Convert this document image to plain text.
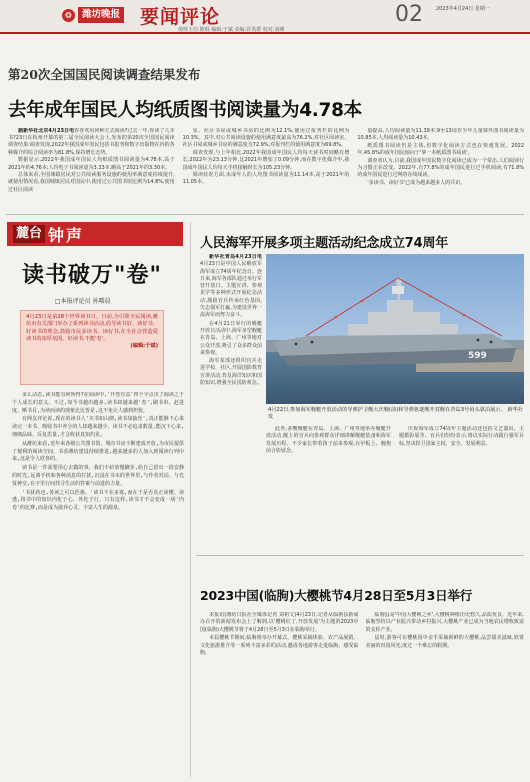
❂	潍坊晚报 要闻评论	02
值班主任:陈琨 编辑:于斌 美编:许英群 校对:刘峰
2023年4月24日 星期一
第20次全国国民阅读调查结果发布
去年成年国民人均纸质图书阅读量为4.78本

据新华社北京4月23日电你喜欢用何种方式阅读?过去一年,你读了几本书?23日在杭州开幕的第二届全民阅读大会上,发布的第20次全国国民阅读调查结果:调查发现,2022年我国成年国民包括书报刊和数字出版物在内的各种媒介的综合阅读率为81.8%,保持增长态势。

数据显示,2022年我国成年国民人均纸质图书阅读量为4.78本,高于2021年的4.76本;人均电子书阅读量为3.33本,略高于2021年的3.30本。

总体来看,全国城镇居民对公共阅读服务设施的使用率满意度持续提升,就使用情况看,我国城镇居民对国民中,使用过公共图书馆比例为14.8%,使用过社区阅读

室、社区书屋或城乡书房的比例为12.1%;使用过报刊栏的比例为10.3%。其中,对公共阅读设施的使用满意度最高为76.2%,对社区阅读室、社区书屋或城乡书房的满意度为72.9%,对报刊栏的使用满意度为69.8%。

调查发现,与上年相比,2022年我国成年国民人均每天读书时间略有增长,2022年为23.13分钟,比2021年增加了0.09分钟,而在数字化媒介中,我国成年国民人均每天手机接触时长为105.23分钟。

阅读状况方面,未成年人的人均图书阅读量为11.14本,高于2021年的11.05本。

量提高,人均阅读量为11.39本;9至13周岁少年儿童课外图书阅读量为10.85本,人均阅读量为10.43本。

纸质图书阅读仍是主体,但数字化阅读方式也在快速发展。2022年,45.8%的成年国民倾向于'拿一本纸质图书阅读'。

调查者认为,目前,我国成年国民数字化阅读已成为一个常态,人们阅读行为习惯正在改变。2022年,有77.8%的成年国民进行过手机阅读;有71.8%的成年国民进行过网络在线阅读。

'多读书、读好书'已成为越来越多人的共识。

麓台 钟声
读书破万"卷"
□本报评论员 孙曙晨
4月23日是第28个世界读书日。日前,为引领全民阅读,潍坊市有关部门举办了系列读书活动,倡导读书好、读好书、好读书的理念,鼓励市民多读书、读好书,在全社会营造爱读书的浓厚氛围。好读书,不能'卷'。
(编辑:于斌)

多么动态,读书能有何所得?在阅读中,'开卷有益'四个字点出了阅读之于个人成长的意义。不过,如今书越出越多,读书却越来越'卷',刷书单、赶进度、晒书目,为读而读的现象比比皆是,这不免让人感到担忧。

有网友评论说,现在的读书人'买书如山倒,读书如抽丝',真正能静下心来读完一本书、吸收书中养分的人却越来越少。读书不必追求数量,能沉下心来,细细品味、反复思量,才会收获真知灼见。

从潍坊来看,近年来各级公共图书馆、城市书房不断建成开放,为市民提供了便利的阅读空间。书香潍坊建设持续推进,越来越多的人加入到阅读行列中来,这是令人欣喜的。

读书是一件需要用心去做的事。我们不妨放慢脚步,给自己留出一段安静的时光,远离手机和各种消息的打扰,沉浸在书本的世界里,与作者对话、与先贤神交,在字里行间找寻生活的答案与前进的力量。

'书犹药也,善读之可以医愚。'读书不在多寡,而在于是否真正读懂、读透,将书中的知识内化于心、外化于行。只有这样,读书才不会变成一场'内卷'的比赛,而是成为滋养心灵、丰富人生的源泉。

人民海军开展多项主题活动纪念成立74周年

新华社青岛4月23日电4月23日是中国人民解放军海军成立74周年纪念日。连日来,海军各部队通过举行军营开放日、主题宣讲、参观见学等多种形式开展纪念活动,激励官兵传承红色基因,矢志强军打赢,为建设世界一流海军而努力奋斗。

在4月21日举行的舰艇开放日活动中,海军多型舰艇在青岛、上海、广州等地对公众开放,吸引了众多群众前来参观。

海军某部还组织官兵走进学校、社区,开展国防教育宣讲活动,普及海洋知识和国防知识,增强全民国防观念。

599
4月22日,参加海军舰艇开放活动的导弹护卫舰大庆舰(前)和导弹驱逐舰开封舰在青岛3号码头靠泊展示。 新华社发

此外,多艘舰艇在青岛、上海、广州等地举办舰艇开放活动,舰上的官兵向参观群众详细讲解舰艇装备和海军发展历程。不少家长带着孩子前来参观,在甲板上、舰炮前合影留念。

庆祝海军成立74周年主题活动还包括文艺演出、主题摄影展等。官兵们纷纷表示,将以实际行动践行强军目标,坚决捍卫国家主权、安全、发展利益。

2023中国(临朐)大樱桃节4月28日至5月3日举行

本报讯(潍坊日报社全媒体记者 刘祖文)4月23日,记者从临朐县新闻办召开的新闻发布会上了解到,以'樱桃红了,开放发展'为主题的2023中国(临朐)大樱桃节将于4月28日至5月3日在临朐举行。

本届樱桃节期间,临朐将举办开幕式、樱桃采摘体验、农产品展销、文化旅游推介等一系列丰富多彩的活动,邀请各地游客走进临朐、感受临朐。

临朐县是'中国大樱桃之乡',大樱桃种植历史悠久,品质优良。近年来,临朐坚持以产业振兴带动乡村振兴,大樱桃产业已成为当地农民增收致富的支柱产业。

届时,游客可在樱桃园中亲手采摘新鲜的大樱桃,品尝甜美滋味,欣赏美丽的田园风光,度过一个难忘的假期。
